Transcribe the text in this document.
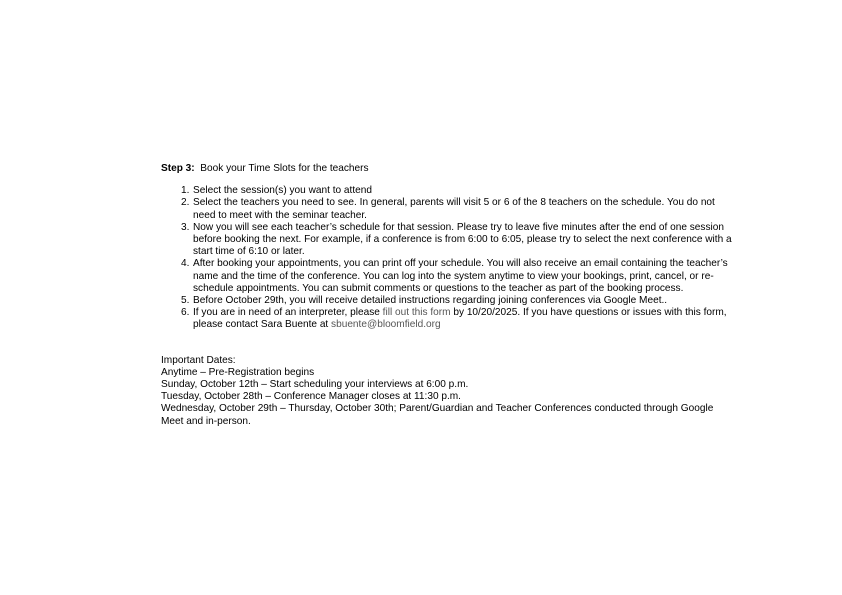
Step 3: Book your Time Slots for the teachers

1. Select the session(s) you want to attend
2. Select the teachers you need to see. In general, parents will visit 5 or 6 of the 8 teachers on the schedule. You do not need to meet with the seminar teacher.
3. Now you will see each teacher’s schedule for that session. Please try to leave five minutes after the end of one session before booking the next. For example, if a conference is from 6:00 to 6:05, please try to select the next conference with a start time of 6:10 or later.
4. After booking your appointments, you can print off your schedule. You will also receive an email containing the teacher’s name and the time of the conference. You can log into the system anytime to view your bookings, print, cancel, or re-schedule appointments. You can submit comments or questions to the teacher as part of the booking process.
5. Before October 29th, you will receive detailed instructions regarding joining conferences via Google Meet..
6. If you are in need of an interpreter, please fill out this form by 10/20/2025. If you have questions or issues with this form, please contact Sara Buente at sbuente@bloomfield.org
Important Dates:
Anytime – Pre-Registration begins
Sunday, October 12th – Start scheduling your interviews at 6:00 p.m.
Tuesday, October 28th – Conference Manager closes at 11:30 p.m.
Wednesday, October 29th – Thursday, October 30th; Parent/Guardian and Teacher Conferences conducted through Google Meet and in-person.
